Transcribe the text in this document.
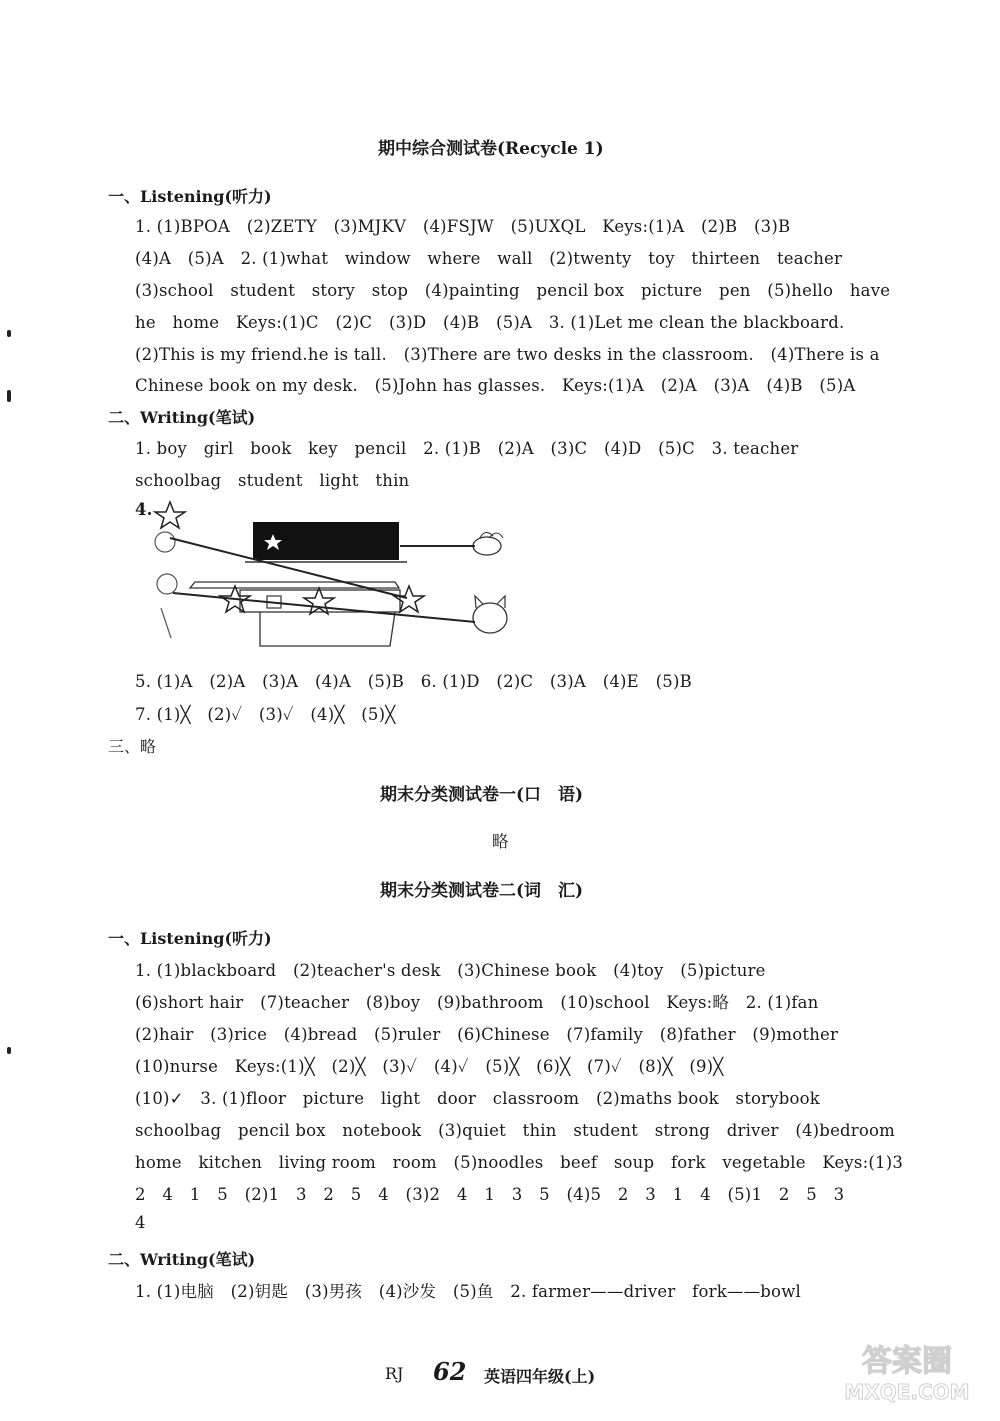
期中综合测试卷(Recycle 1)
一、Listening(听力)
1. (1)BPOA　(2)ZETY　(3)MJKV　(4)FSJW　(5)UXQL　Keys:(1)A　(2)B　(3)B
(4)A　(5)A　2. (1)what　window　where　wall　(2)twenty　toy　thirteen　teacher
(3)school　student　story　stop　(4)painting　pencil box　picture　pen　(5)hello　have
he　home　Keys:(1)C　(2)C　(3)D　(4)B　(5)A　3. (1)Let me clean the blackboard.
(2)This is my friend.he is tall.　(3)There are two desks in the classroom.　(4)There is a
Chinese book on my desk.　(5)John has glasses.　Keys:(1)A　(2)A　(3)A　(4)B　(5)A
二、Writing(笔试)
1. boy　girl　book　key　pencil　2. (1)B　(2)A　(3)C　(4)D　(5)C　3. teacher
schoolbag　student　light　thin
4.
5. (1)A　(2)A　(3)A　(4)A　(5)B　6. (1)D　(2)C　(3)A　(4)E　(5)B
7. (1)╳　(2)✓　(3)✓　(4)╳　(5)╳
三、略
期末分类测试卷一(口　语)
略
期末分类测试卷二(词　汇)
一、Listening(听力)
1. (1)blackboard　(2)teacher's desk　(3)Chinese book　(4)toy　(5)picture
(6)short hair　(7)teacher　(8)boy　(9)bathroom　(10)school　Keys:略　2. (1)fan
(2)hair　(3)rice　(4)bread　(5)ruler　(6)Chinese　(7)family　(8)father　(9)mother
(10)nurse　Keys:(1)╳　(2)╳　(3)✓　(4)✓　(5)╳　(6)╳　(7)✓　(8)╳　(9)╳
(10)✓　3. (1)floor　picture　light　door　classroom　(2)maths book　storybook
schoolbag　pencil box　notebook　(3)quiet　thin　student　strong　driver　(4)bedroom
home　kitchen　living room　room　(5)noodles　beef　soup　fork　vegetable　Keys:(1)3
2　4　1　5　(2)1　3　2　5　4　(3)2　4　1　3　5　(4)5　2　3　1　4　(5)1　2　5　3
4
二、Writing(笔试)
1. (1)电脑　(2)钥匙　(3)男孩　(4)沙发　(5)鱼　2. farmer——driver　fork——bowl
RJ 62 英语四年级(上)	答案圈
MXQE.COM
